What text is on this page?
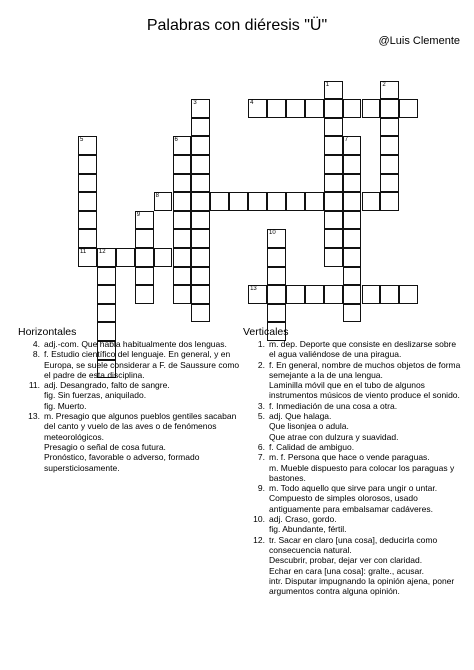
Palabras con diéresis "Ü"
@Luis Clemente
4
8
11 12
13
1	2
3
5	6	7
9
10
Horizontales
4. adj.-com. Que habla habitualmente dos lenguas.
8. f. Estudio científico del lenguaje. En general, y en Europa, se suele considerar a F. de Saussure como el padre de esta disciplina.
11. adj. Desangrado, falto de sangre.
fig. Sin fuerzas, aniquilado.
fig. Muerto.
13. m. Presagio que algunos pueblos gentiles sacaban del canto y vuelo de las aves o de fenómenos meteorológicos.
Presagio o señal de cosa futura.
Pronóstico, favorable o adverso, formado supersticiosamente.
Verticales
1. m. dep. Deporte que consiste en deslizarse sobre el agua valiéndose de una piragua.
2. f. En general, nombre de muchos objetos de forma semejante a la de una lengua.
Laminilla móvil que en el tubo de algunos instrumentos músicos de viento produce el sonido.
3. f. Inmediación de una cosa a otra.
5. adj. Que halaga.
Que lisonjea o adula.
Que atrae con dulzura y suavidad.
6. f. Calidad de ambiguo.
7. m. f. Persona que hace o vende paraguas.
m. Mueble dispuesto para colocar los paraguas y bastones.
9. m. Todo aquello que sirve para ungir o untar.
Compuesto de simples olorosos, usado antiguamente para embalsamar cadáveres.
10. adj. Craso, gordo.
fig. Abundante, fértil.
12. tr. Sacar en claro [una cosa], deducirla como consecuencia natural.
Descubrir, probar, dejar ver con claridad.
Echar en cara [una cosa]: gralte., acusar.
intr. Disputar impugnando la opinión ajena, poner argumentos contra alguna opinión.
